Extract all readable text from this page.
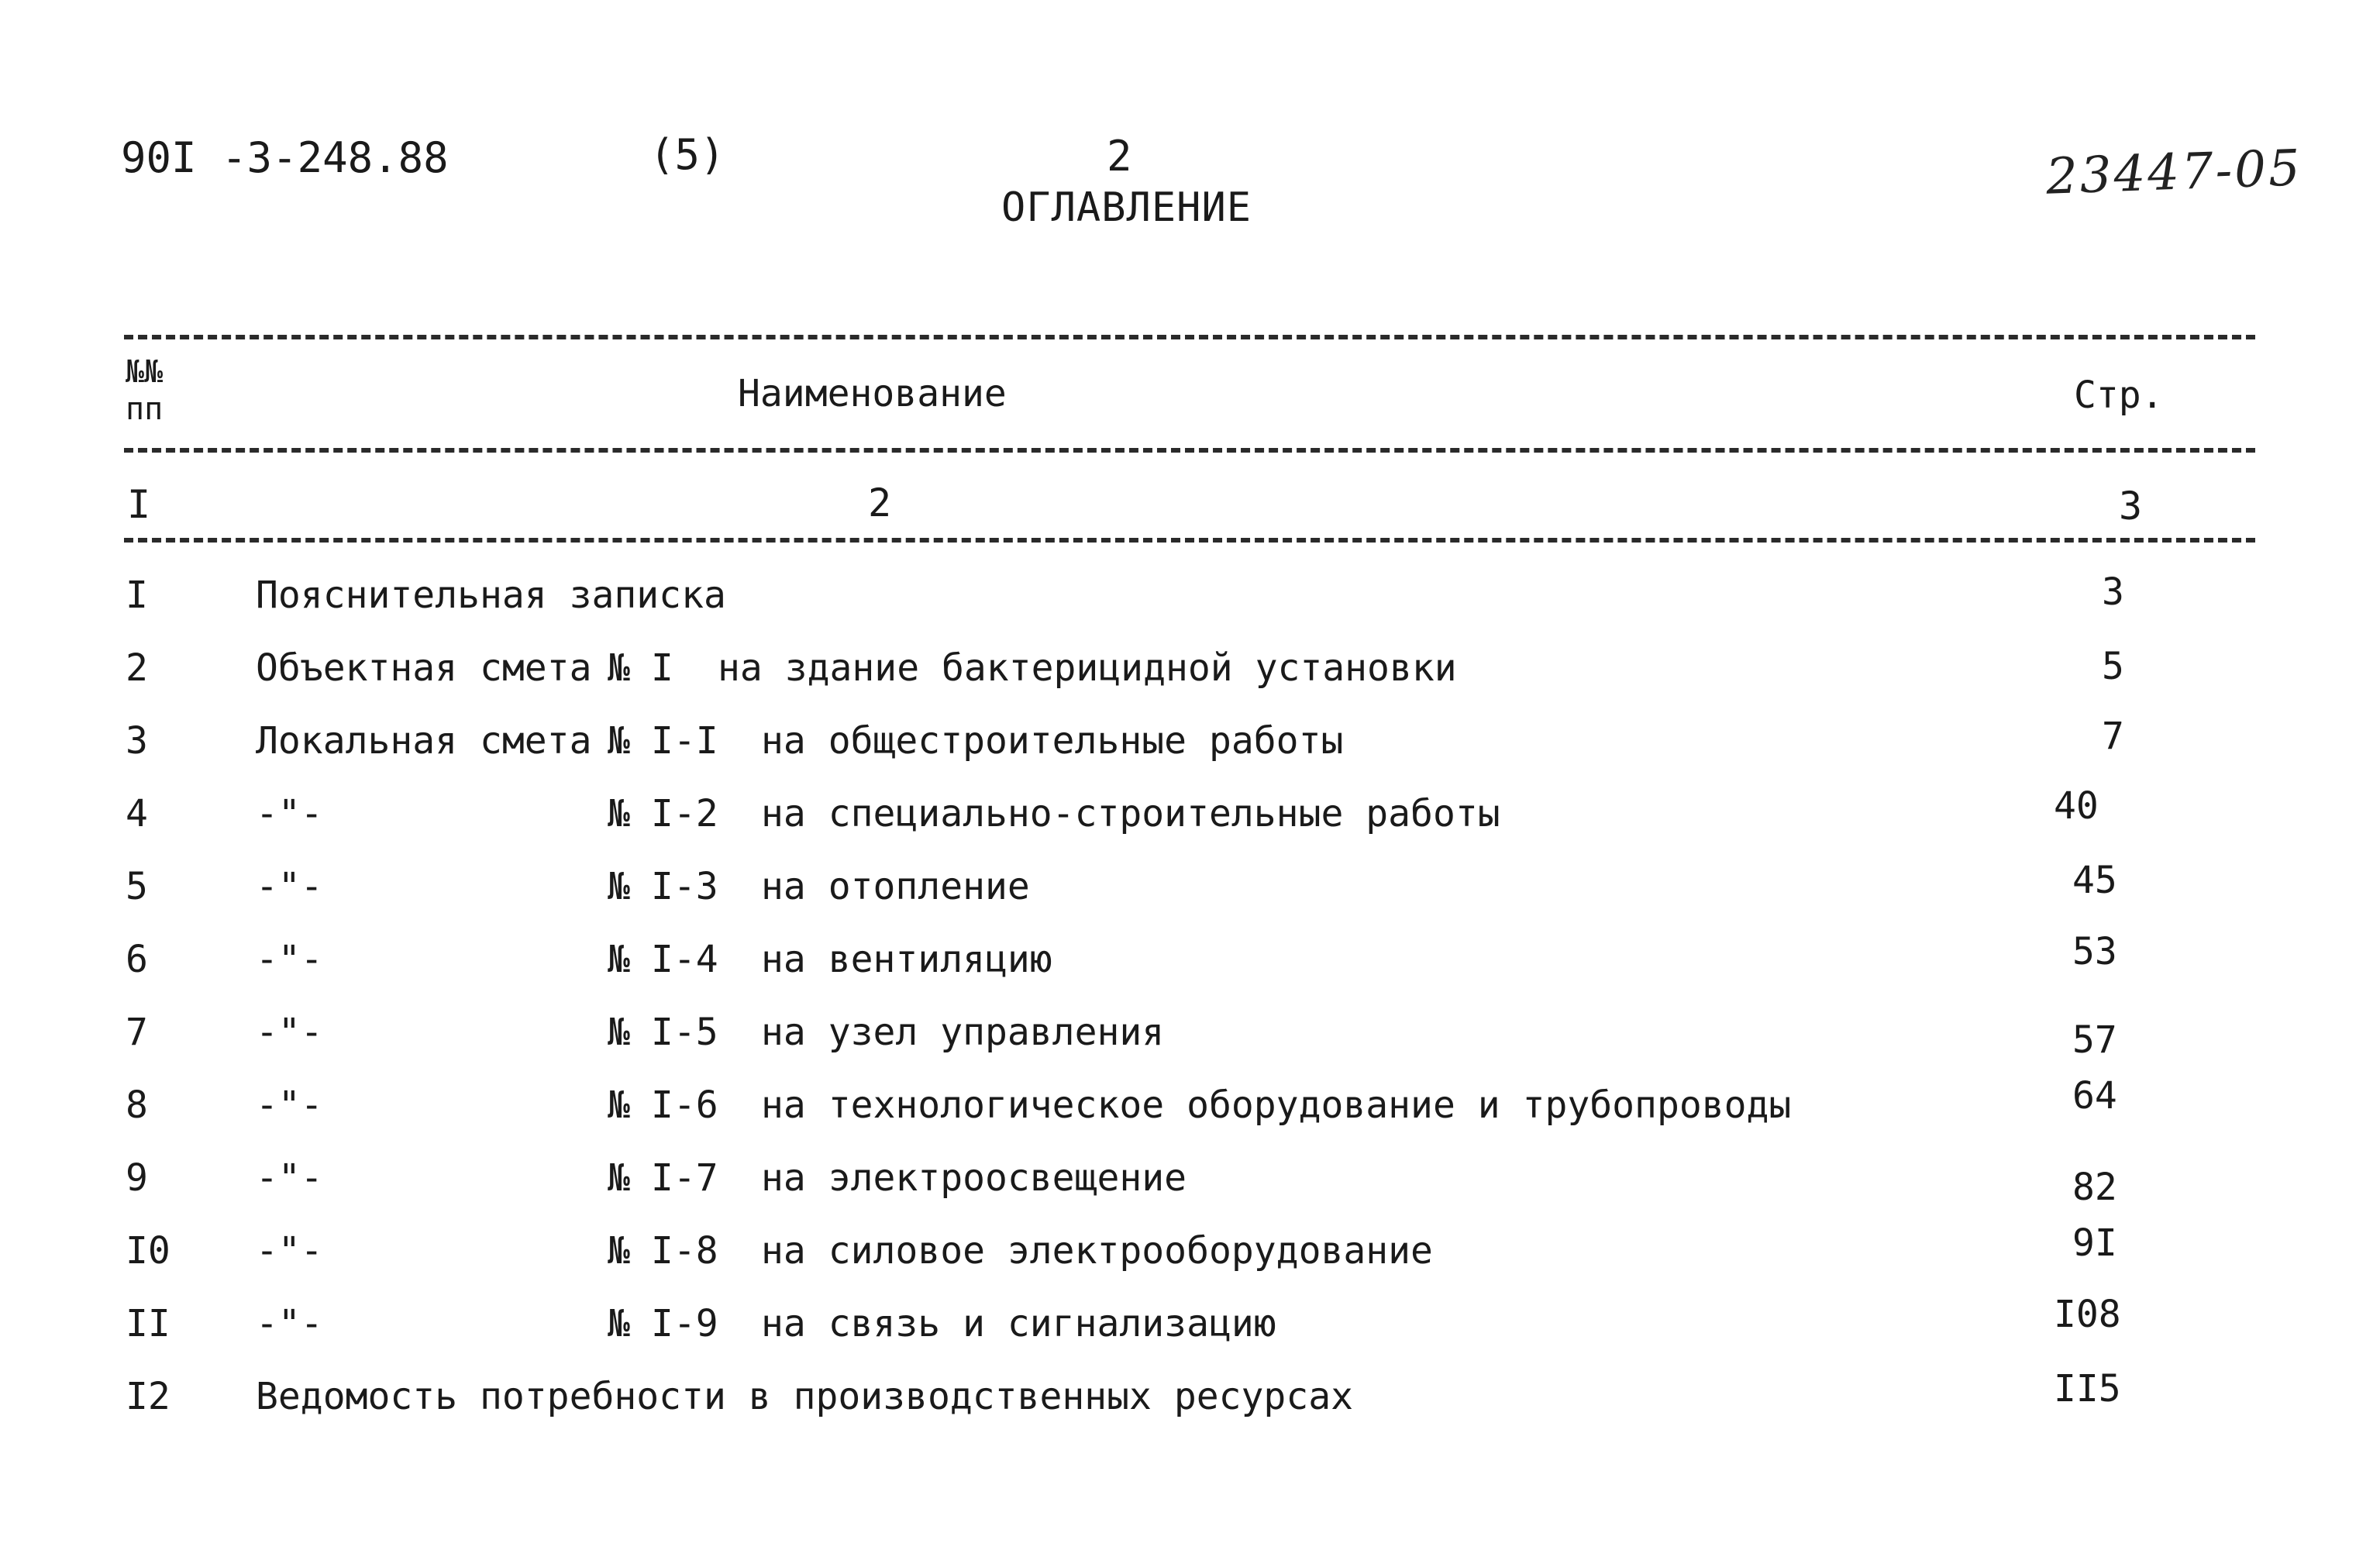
90I -3-248.88	(5)	2
ОГЛАВЛЕНИЕ
23447-05
№№
пп	Наименование	Стр.
I	2	3
I	Пояснительная записка	3
2	Объектная смета № I на здание бактерицидной установки	5
3	Локальная смета № I-I на общестроительные работы	7
4	-"-	№ I-2 на специально-строительные работы	40
5	-"-	№ I-3 на отопление	45
6	-"-	№ I-4 на вентиляцию	53
7	-"-	№ I-5 на узел управления	57
8	-"-	№ I-6 на технологическое оборудование и трубопроводы	64
9	-"-	№ I-7 на электроосвещение	82
I0 -"-	№ I-8 на силовое электрооборудование	9I
II -"-	№ I-9 на связь и сигнализацию	I08
I2 Ведомость потребности в производственных ресурсах	II5
